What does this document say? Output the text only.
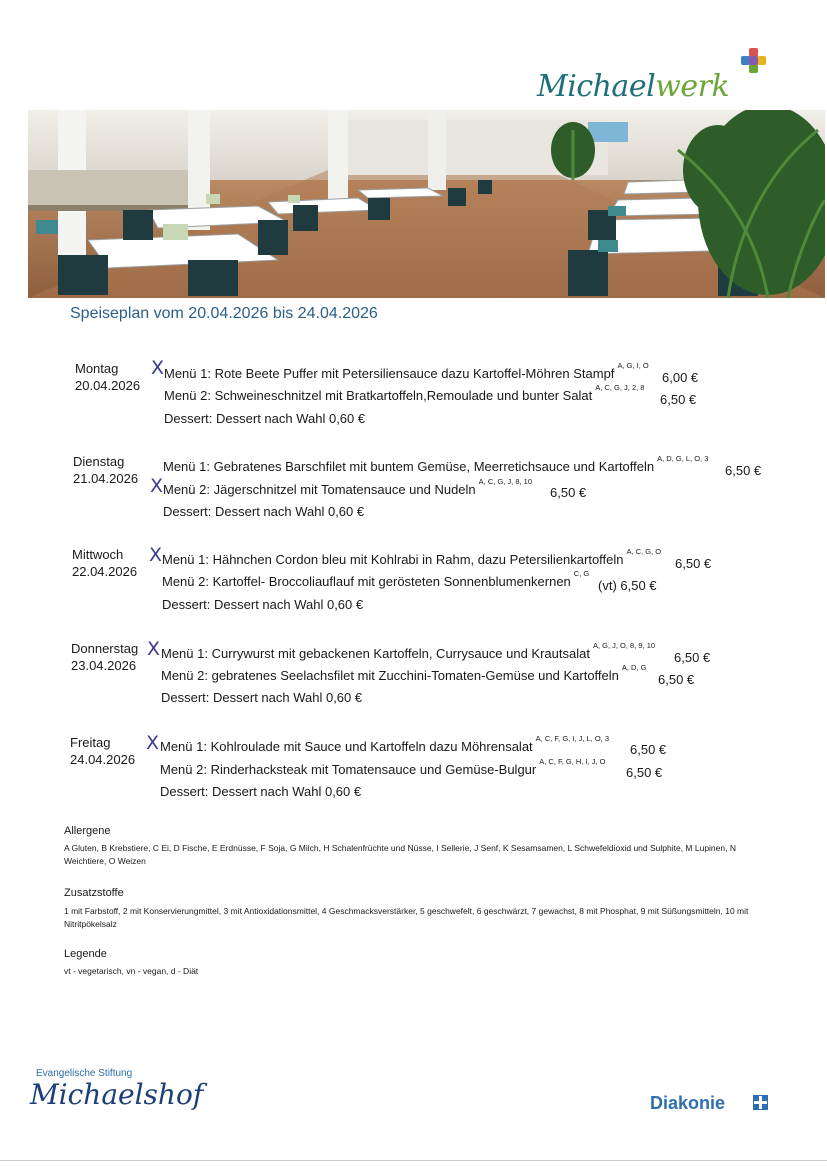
Michaelwerk
Speiseplan vom 20.04.2026 bis 24.04.2026
Montag
20.04.2026
X Menü 1: Rote Beete Puffer mit Petersiliensauce dazu Kartoffel-Möhren Stampf$^{A, G, I, O}$
6,00 €
Menü 2: Schweineschnitzel mit Bratkartoffeln,Remoulade und bunter Salat$^{A, C, G, J, 2, 8}$
6,50 €
Dessert: Dessert nach Wahl 0,60 €
Dienstag
21.04.2026
Menü 1: Gebratenes Barschfilet mit buntem Gemüse, Meerretichsauce und Kartoffeln$^{A, D, G, L, O, 3}$
6,50 €
X Menü 2: Jägerschnitzel mit Tomatensauce und Nudeln$^{A, C, G, J, 8, 10}$
6,50 €
Dessert: Dessert nach Wahl 0,60 €
Mittwoch
22.04.2026
X Menü 1: Hähnchen Cordon bleu mit Kohlrabi in Rahm, dazu Petersilienkartoffeln$^{A, C, G, O}$
6,50 €
Menü 2: Kartoffel- Broccoliauflauf mit gerösteten Sonnenblumenkernen$^{C, G}$
(vt) 6,50 €
Dessert: Dessert nach Wahl 0,60 €
Donnerstag
23.04.2026
X Menü 1: Currywurst mit gebackenen Kartoffeln, Currysauce und Krautsalat$^{A, G, J, O, 8, 9, 10}$
6,50 €
Menü 2: gebratenes Seelachsfilet mit Zucchini-Tomaten-Gemüse und Kartoffeln$^{A, D, G}$
6,50 €
Dessert: Dessert nach Wahl 0,60 €
Freitag
24.04.2026
X Menü 1: Kohlroulade mit Sauce und Kartoffeln dazu Möhrensalat$^{A, C, F, G, I, J, L, O, 3}$
6,50 €
Menü 2: Rinderhacksteak mit Tomatensauce und Gemüse-Bulgur$^{A, C, F, G, H, I, J, O}$
6,50 €
Dessert: Dessert nach Wahl 0,60 €
Allergene
A Gluten, B Krebstiere, C Ei, D Fische, E Erdnüsse, F Soja, G Milch, H Schalenfrüchte und Nüsse, I Sellerie, J Senf, K Sesamsamen, L Schwefeldioxid und Sulphite, M Lupinen, N Weichtiere, O Weizen
Zusatzstoffe
1 mit Farbstoff, 2 mit Konservierungmittel, 3 mit Antioxidationsmittel, 4 Geschmacksverstärker, 5 geschwefelt, 6 geschwärzt, 7 gewachst, 8 mit Phosphat, 9 mit Süßungsmitteln, 10 mit Nitritpökelsalz
Legende
vt - vegetarisch, vn - vegan, d - Diät
Evangelische Stiftung
Michaelshof	Diakonie
